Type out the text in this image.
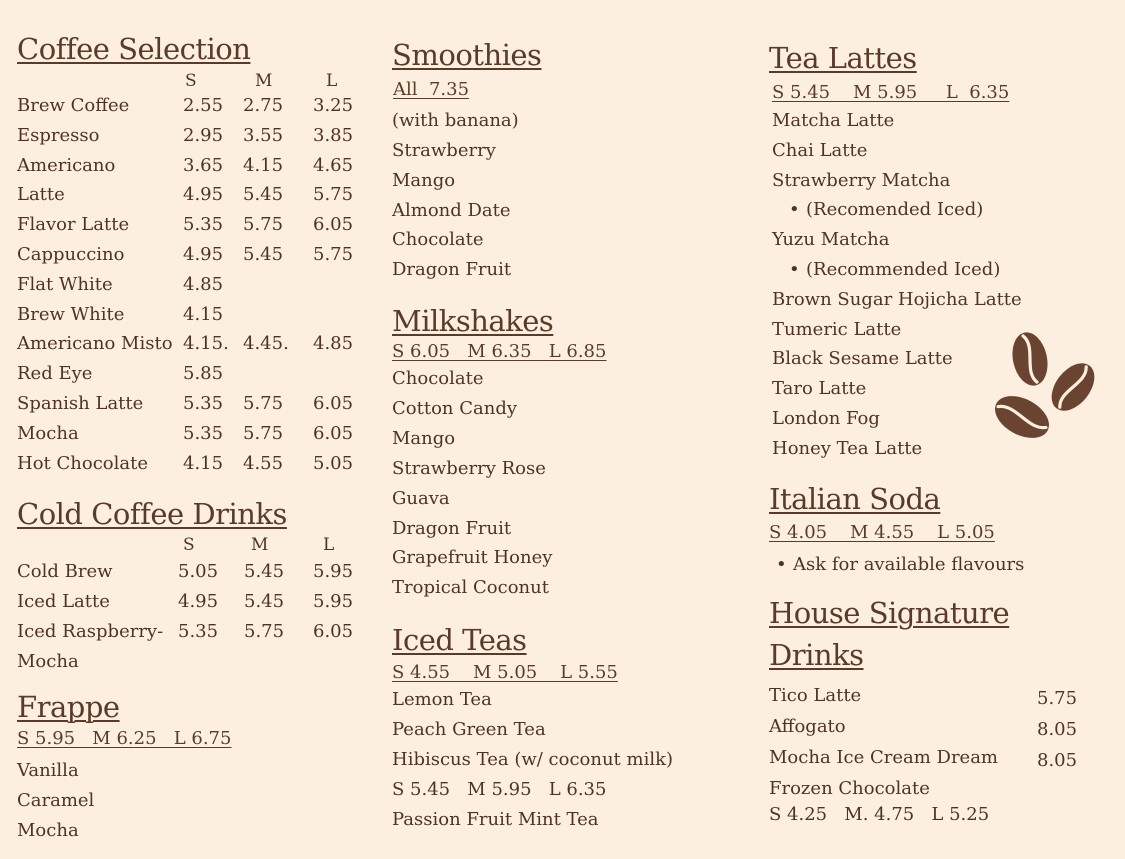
Coffee Selection
S	M	L
Brew Coffee	2.55 2.75 3.25
Espresso	2.95 3.55 3.85
Americano	3.65 4.15 4.65
Latte	4.95 5.45 5.75
Flavor Latte	5.35 5.75 6.05
Cappuccino	4.95 5.45 5.75
Flat White	4.85
Brew White	4.15
Americano Misto 4.15. 4.45. 4.85
Red Eye	5.85
Spanish Latte 5.35 5.75 6.05
Mocha	5.35 5.75 6.05
Hot Chocolate 4.15 4.55 5.05
Cold Coffee Drinks
S	M	L
Cold Brew	5.05 5.45 5.95
Iced Latte	4.95 5.45 5.95
Iced Raspberry- 5.35 5.75 6.05
Mocha
Frappe
S 5.95   M 6.25   L 6.75
Vanilla
Caramel
Mocha
Smoothies
All  7.35
(with banana)
Strawberry
Mango
Almond Date
Chocolate
Dragon Fruit
Milkshakes
S 6.05   M 6.35   L 6.85
Chocolate
Cotton Candy
Mango
Strawberry Rose
Guava
Dragon Fruit
Grapefruit Honey
Tropical Coconut
Iced Teas
S 4.55    M 5.05    L 5.55
Lemon Tea
Peach Green Tea
Hibiscus Tea (w/ coconut milk)
S 5.45   M 5.95   L 6.35
Passion Fruit Mint Tea
Tea Lattes
S 5.45    M 5.95     L  6.35
Matcha Latte
Chai Latte
Strawberry Matcha
• (Recomended Iced)
Yuzu Matcha
• (Recommended Iced)
Brown Sugar Hojicha Latte
Tumeric Latte
Black Sesame Latte
Taro Latte
London Fog
Honey Tea Latte
Italian Soda
S 4.05    M 4.55    L 5.05
• Ask for available flavours
House Signature
Drinks
Tico Latte	5.75
Affogato	8.05
Mocha Ice Cream Dream 8.05
Frozen Chocolate
S 4.25   M. 4.75   L 5.25
